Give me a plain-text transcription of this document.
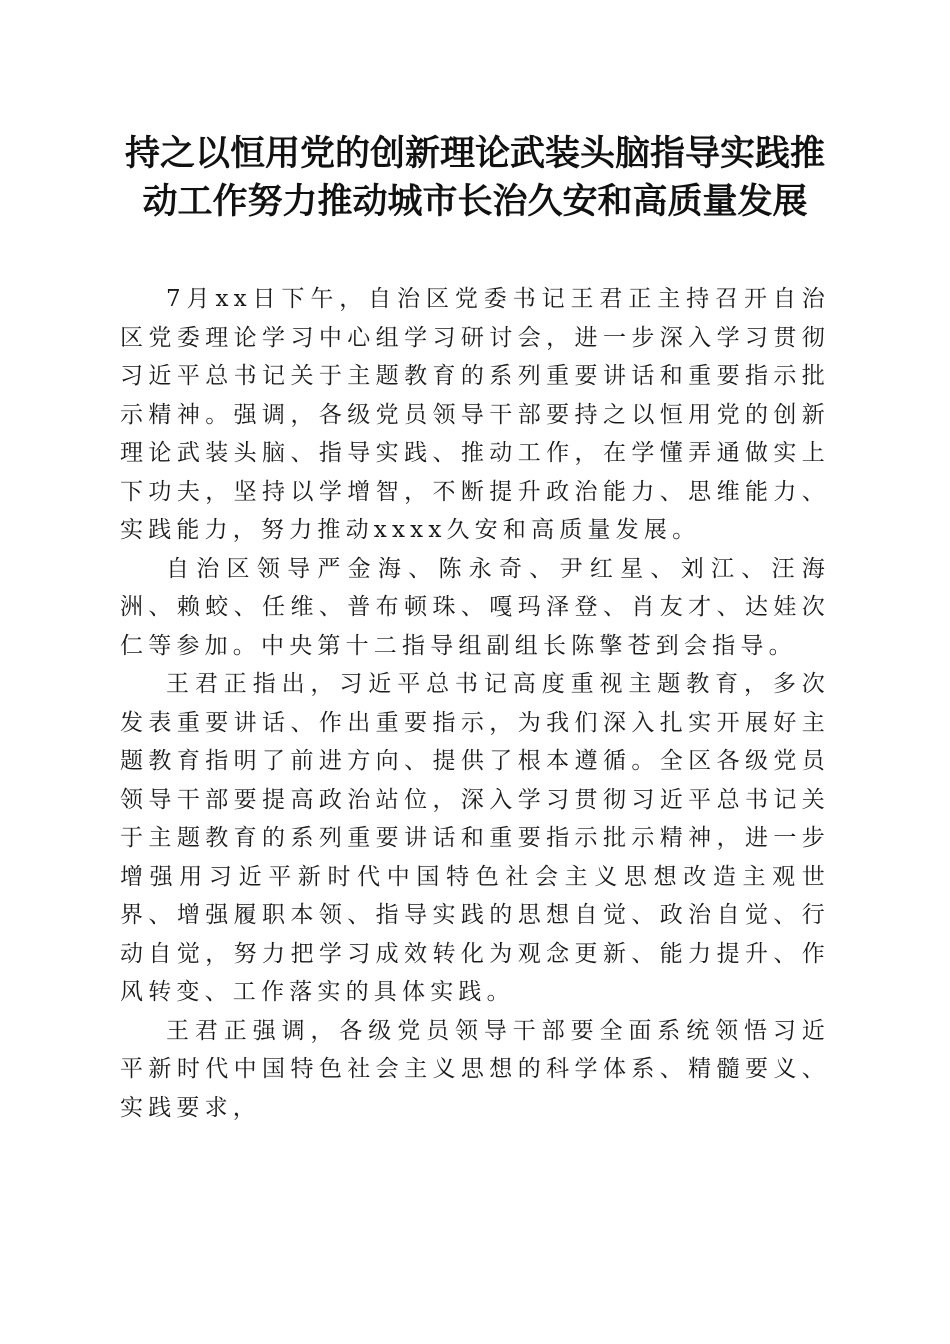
持之以恒用党的创新理论武装头脑指导实践推
动工作努力推动城市长治久安和高质量发展

7月xx日下午，自治区党委书记王君正主持召开自治区党委理论学习中心组学习研讨会，进一步深入学习贯彻习近平总书记关于主题教育的系列重要讲话和重要指示批示精神。强调，各级党员领导干部要持之以恒用党的创新理论武装头脑、指导实践、推动工作，在学懂弄通做实上下功夫，坚持以学增智，不断提升政治能力、思维能力、实践能力，努力推动xxxx久安和高质量发展。

自治区领导严金海、陈永奇、尹红星、刘江、汪海洲、赖蛟、任维、普布顿珠、嘎玛泽登、肖友才、达娃次仁等参加。中央第十二指导组副组长陈擎苍到会指导。

王君正指出，习近平总书记高度重视主题教育，多次发表重要讲话、作出重要指示，为我们深入扎实开展好主题教育指明了前进方向、提供了根本遵循。全区各级党员领导干部要提高政治站位，深入学习贯彻习近平总书记关于主题教育的系列重要讲话和重要指示批示精神，进一步增强用习近平新时代中国特色社会主义思想改造主观世界、增强履职本领、指导实践的思想自觉、政治自觉、行动自觉，努力把学习成效转化为观念更新、能力提升、作风转变、工作落实的具体实践。

王君正强调，各级党员领导干部要全面系统领悟习近平新时代中国特色社会主义思想的科学体系、精髓要义、实践要求，
